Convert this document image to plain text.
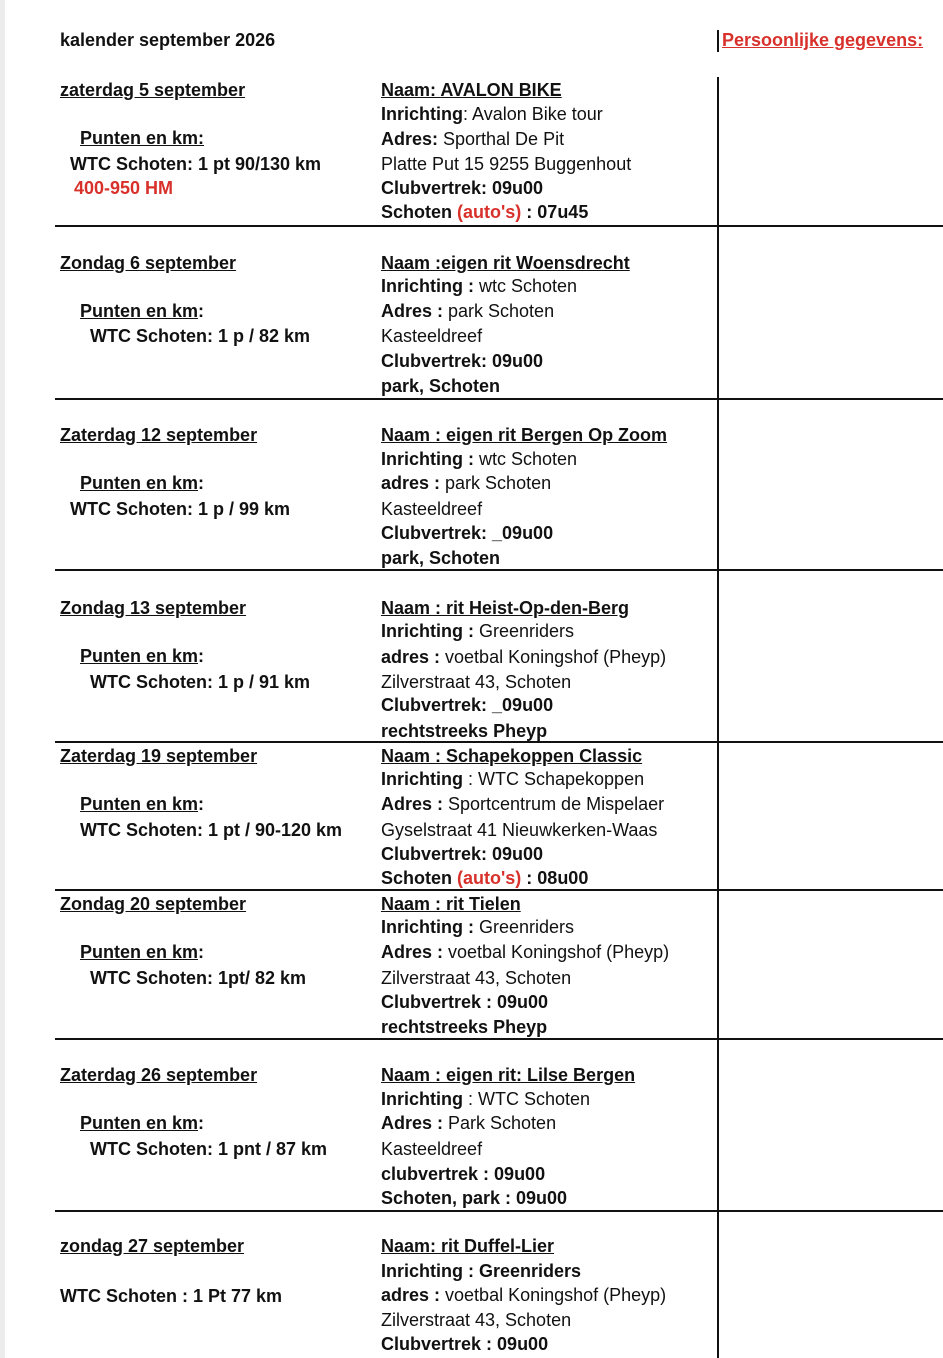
kalender september 2026	Persoonlijke gegevens:
zaterdag 5 september
Punten en km:
WTC Schoten: 1 pt 90/130 km
400-950 HM
Naam: AVALON BIKE
Inrichting: Avalon Bike tour
Adres: Sporthal De Pit
Platte Put 15 9255 Buggenhout
Clubvertrek: 09u00
Schoten (auto's) : 07u45
Zondag 6 september
Punten en km:
WTC Schoten: 1 p / 82 km
Naam :eigen rit Woensdrecht
Inrichting : wtc Schoten
Adres : park Schoten
Kasteeldreef
Clubvertrek: 09u00
park, Schoten
Zaterdag 12 september
Punten en km:
WTC Schoten: 1 p / 99 km
Naam : eigen rit Bergen Op Zoom
Inrichting : wtc Schoten
adres : park Schoten
Kasteeldreef
Clubvertrek: _09u00
park, Schoten
Zondag 13 september
Punten en km:
WTC Schoten: 1 p / 91 km
Naam : rit Heist-Op-den-Berg
Inrichting : Greenriders
adres : voetbal Koningshof (Pheyp)
Zilverstraat 43, Schoten
Clubvertrek: _09u00
rechtstreeks Pheyp
Zaterdag 19 september
Punten en km:
WTC Schoten: 1 pt / 90-120 km
Naam : Schapekoppen Classic
Inrichting : WTC Schapekoppen
Adres : Sportcentrum de Mispelaer
Gyselstraat 41 Nieuwkerken-Waas
Clubvertrek: 09u00
Schoten (auto's) : 08u00
Zondag 20 september
Punten en km:
WTC Schoten: 1pt/ 82 km
Naam : rit Tielen
Inrichting : Greenriders
Adres : voetbal Koningshof (Pheyp)
Zilverstraat 43, Schoten
Clubvertrek : 09u00
rechtstreeks Pheyp
Zaterdag 26 september
Punten en km:
WTC Schoten: 1 pnt / 87 km
Naam : eigen rit: Lilse Bergen
Inrichting : WTC Schoten
Adres : Park Schoten
Kasteeldreef
clubvertrek : 09u00
Schoten, park : 09u00
zondag 27 september
WTC Schoten : 1 Pt 77 km
Naam: rit Duffel-Lier
Inrichting : Greenriders
adres : voetbal Koningshof (Pheyp)
Zilverstraat 43, Schoten
Clubvertrek : 09u00
